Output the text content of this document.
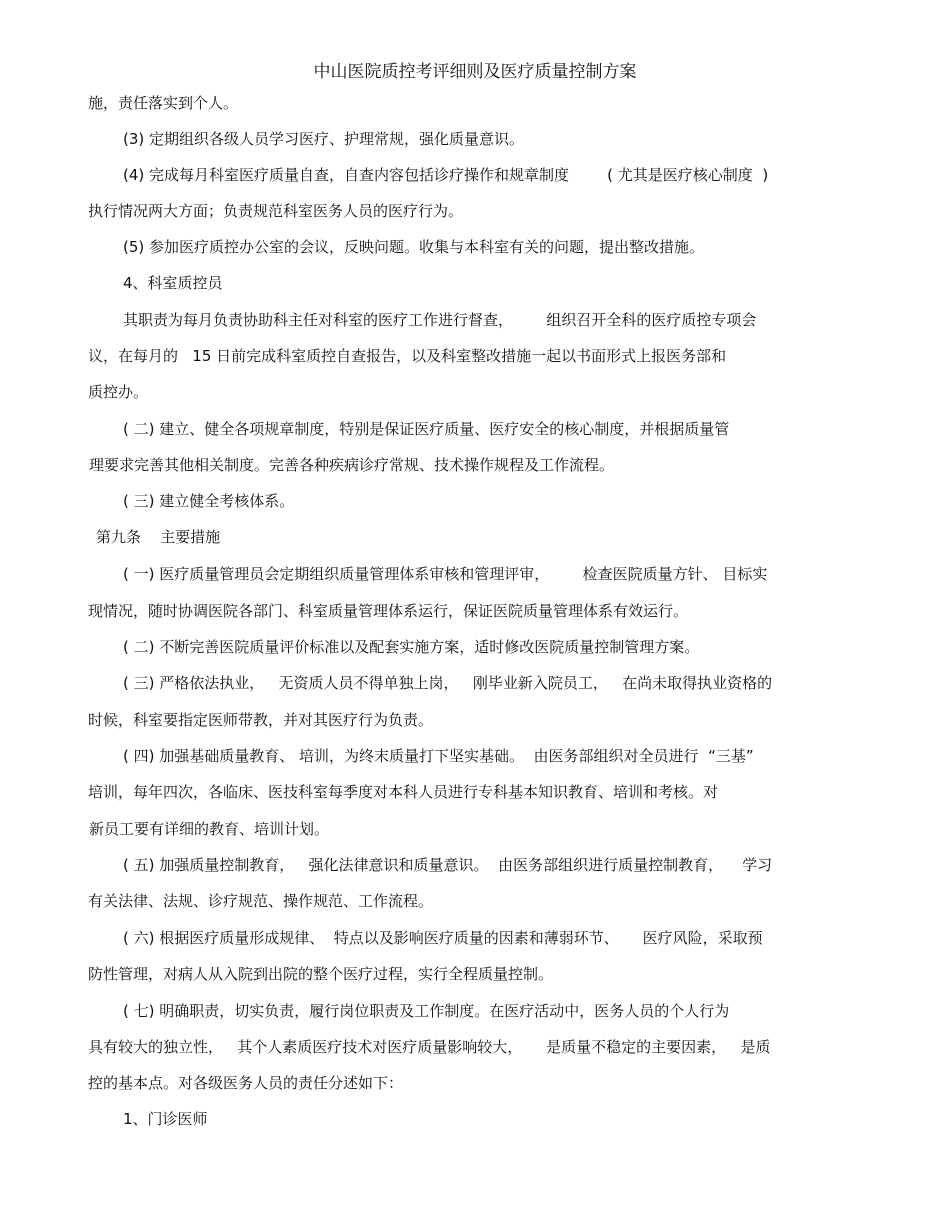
中山医院质控考评细则及医疗质量控制方案
施，责任落实到个人。
(3) 定期组织各级人员学习医疗、护理常规，强化质量意识。
(4) 完成每月科室医疗质量自查，自查内容包括诊疗操作和规章制度        ( 尤其是医疗核心制度  )
执行情况两大方面；负责规范科室医务人员的医疗行为。
(5) 参加医疗质控办公室的会议，反映问题。收集与本科室有关的问题，提出整改措施。
4、科室质控员
其职责为每月负责协助科主任对科室的医疗工作进行督查，       组织召开全科的医疗质控专项会
议，在每月的   15 日前完成科室质控自查报告，以及科室整改措施一起以书面形式上报医务部和
质控办。
( 二) 建立、健全各项规章制度，特别是保证医疗质量、医疗安全的核心制度，并根据质量管
理要求完善其他相关制度。完善各种疾病诊疗常规、技术操作规程及工作流程。
( 三) 建立健全考核体系。
第九条    主要措施
( 一) 医疗质量管理员会定期组织质量管理体系审核和管理评审，       检查医院质量方针、 目标实
现情况，随时协调医院各部门、科室质量管理体系运行，保证医院质量管理体系有效运行。
( 二) 不断完善医院质量评价标准以及配套实施方案，适时修改医院质量控制管理方案。
( 三) 严格依法执业，   无资质人员不得单独上岗，   刚毕业新入院员工，   在尚未取得执业资格的
时候，科室要指定医师带教，并对其医疗行为负责。
( 四) 加强基础质量教育、 培训，为终末质量打下坚实基础。  由医务部组织对全员进行  “三基”
培训，每年四次，各临床、医技科室每季度对本科人员进行专科基本知识教育、培训和考核。对
新员工要有详细的教育、培训计划。
( 五) 加强质量控制教育，   强化法律意识和质量意识。  由医务部组织进行质量控制教育，    学习
有关法律、法规、诊疗规范、操作规范、工作流程。
( 六) 根据医疗质量形成规律、  特点以及影响医疗质量的因素和薄弱环节、     医疗风险，采取预
防性管理，对病人从入院到出院的整个医疗过程，实行全程质量控制。
( 七) 明确职责，切实负责，履行岗位职责及工作制度。在医疗活动中，医务人员的个人行为
具有较大的独立性，   其个人素质医疗技术对医疗质量影响较大，     是质量不稳定的主要因素，   是质
控的基本点。对各级医务人员的责任分述如下：
1、门诊医师
